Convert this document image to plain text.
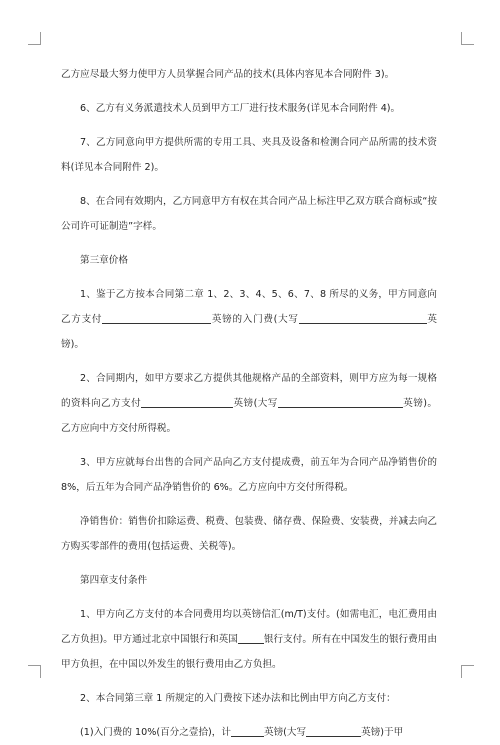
乙方应尽最大努力使甲方人员掌握合同产品的技术(具体内容见本合同附件 3)。

6、乙方有义务派遣技术人员到甲方工厂进行技术服务(详见本合同附件 4)。

7、乙方同意向甲方提供所需的专用工具、夹具及设备和检测合同产品所需的技术资料(详见本合同附件 2)。

8、在合同有效期内，乙方同意甲方有权在其合同产品上标注甲乙双方联合商标或“按公司许可证制造”字样。

第三章价格

1、鉴于乙方按本合同第二章 1、2、3、4、5、6、7、8 所尽的义务，甲方同意向乙方支付	英镑的入门费(大写	英镑)。

2、合同期内，如甲方要求乙方提供其他规格产品的全部资料，则甲方应为每一规格的资料向乙方支付	英镑(大写	英镑)。乙方应向中方交付所得税。

3、甲方应就每台出售的合同产品向乙方支付提成费，前五年为合同产品净销售价的 8%，后五年为合同产品净销售价的 6%。乙方应向中方交付所得税。

净销售价：销售价扣除运费、税费、包装费、储存费、保险费、安装费，并减去向乙方购买零部件的费用(包括运费、关税等)。

第四章支付条件

1、甲方向乙方支付的本合同费用均以英镑信汇(m/T)支付。(如需电汇，电汇费用由乙方负担)。甲方通过北京中国银行和英国	银行支付。所有在中国发生的银行费用由甲方负担，在中国以外发生的银行费用由乙方负担。

2、本合同第三章 1 所规定的入门费按下述办法和比例由甲方向乙方支付：

(1)入门费的 10%(百分之壹拾)，计	英镑(大写	英镑)于甲
